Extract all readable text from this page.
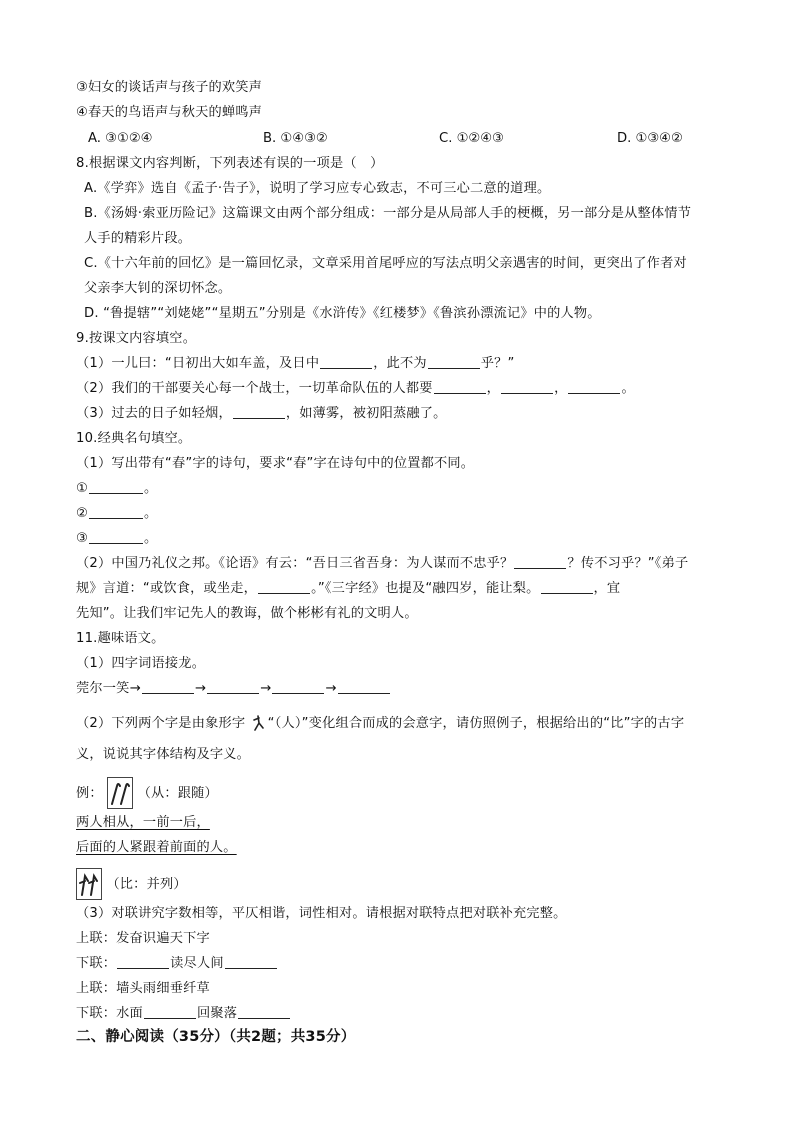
③妇女的谈话声与孩子的欢笑声
④春天的鸟语声与秋天的蝉鸣声
A. ③①②④	B. ①④③②	C. ①②④③	D. ①③④②
8.根据课文内容判断，下列表述有误的一项是（　）
A.《学弈》选自《孟子·告子》，说明了学习应专心致志，不可三心二意的道理。
B.《汤姆·索亚历险记》这篇课文由两个部分组成：一部分是从局部人手的梗概，另一部分是从整体情节
人手的精彩片段。
C.《十六年前的回忆》是一篇回忆录，文章采用首尾呼应的写法点明父亲遇害的时间，更突出了作者对
父亲李大钊的深切怀念。
D. “鲁提辖”“刘姥姥”“星期五”分别是《水浒传》《红楼梦》《鲁滨孙漂流记》中的人物。
9.按课文内容填空。
（1）一儿曰：“日初出大如车盖，及日中	，此不为	乎？”
（2）我们的干部要关心每一个战士，一切革命队伍的人都要	，	，	。
（3）过去的日子如轻烟，	，如薄雾，被初阳蒸融了。
10.经典名句填空。
（1）写出带有“春”字的诗句，要求“春”字在诗句中的位置都不同。
①	。
②	。
③	。
（2）中国乃礼仪之邦。《论语》有云：“吾日三省吾身：为人谋而不忠乎？	？传不习乎？”《弟子
规》言道：“或饮食，或坐走，	。”《三字经》也提及“融四岁，能让梨。	，宜
先知”。让我们牢记先人的教诲，做个彬彬有礼的文明人。
11.趣味语文。
（1）四字词语接龙。
莞尔一笑→	→	→	→
（2）下列两个字是由象形字 “（人）”变化组合而成的会意字，请仿照例子，根据给出的“比”字的古字
义，说说其字体结构及字义。
例：	（从：跟随）
两人相从，一前一后，
后面的人紧跟着前面的人。
（比：并列）
（3）对联讲究字数相等，平仄相谐，词性相对。请根据对联特点把对联补充完整。
上联：发奋识遍天下字
下联：	读尽人间
上联：墙头雨细垂纤草
下联：水面	回聚落
二、静心阅读（35分）（共2题；共35分）
